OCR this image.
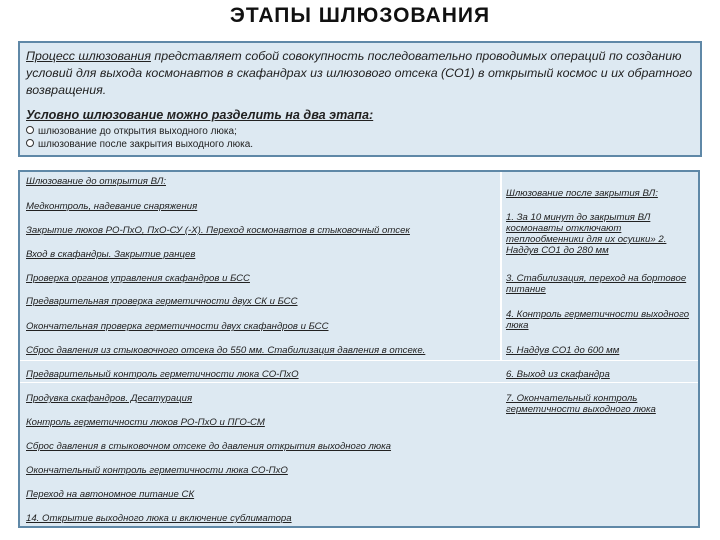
ЭТАПЫ ШЛЮЗОВАНИЯ

Процесс шлюзования представляет собой совокупность последовательно проводимых операций по созданию условий для выхода космонавтов в скафандрах из шлюзового отсека (СО1) в открытый космос и их обратного возвращения.

Условно шлюзование можно разделить на два этапа:
шлюзование до открытия выходного люка;
шлюзование после закрытия выходного люка.
Шлюзование до открытия ВЛ:
Медконтроль, надевание снаряжения
Закрытие люков РО-ПхО, ПхО-СУ (-Х). Переход космонавтов в стыковочный отсек
Вход в скафандры. Закрытие ранцев
Проверка органов управления скафандров и БСС
Предварительная проверка герметичности двух СК и БСС
Окончательная проверка герметичности двух скафандров и БСС
Сброс давления из стыковочного отсека до 550 мм. Стабилизация давления в отсеке.
Предварительный контроль герметичности люка СО-ПхО
Продувка скафандров. Десатурация
Контроль герметичности люков РО-ПхО и ПГО-СМ
Сброс давления в стыковочном отсеке до давления открытия выходного люка
Окончательный контроль герметичности люка СО-ПхО
Переход на автономное питание СК
14. Открытие выходного люка и включение сублиматора
Шлюзование после закрытия ВЛ:
1. За 10 минут до закрытия ВЛ космонавты отключают теплообменники для их осушки» 2. Наддув СО1 до 280 мм
3. Стабилизация, переход на бортовое питание
4. Контроль герметичности выходного люка
5. Наддув СО1 до 600 мм
6. Выход из скафандра
7. Окончательный контроль герметичности выходного люка
